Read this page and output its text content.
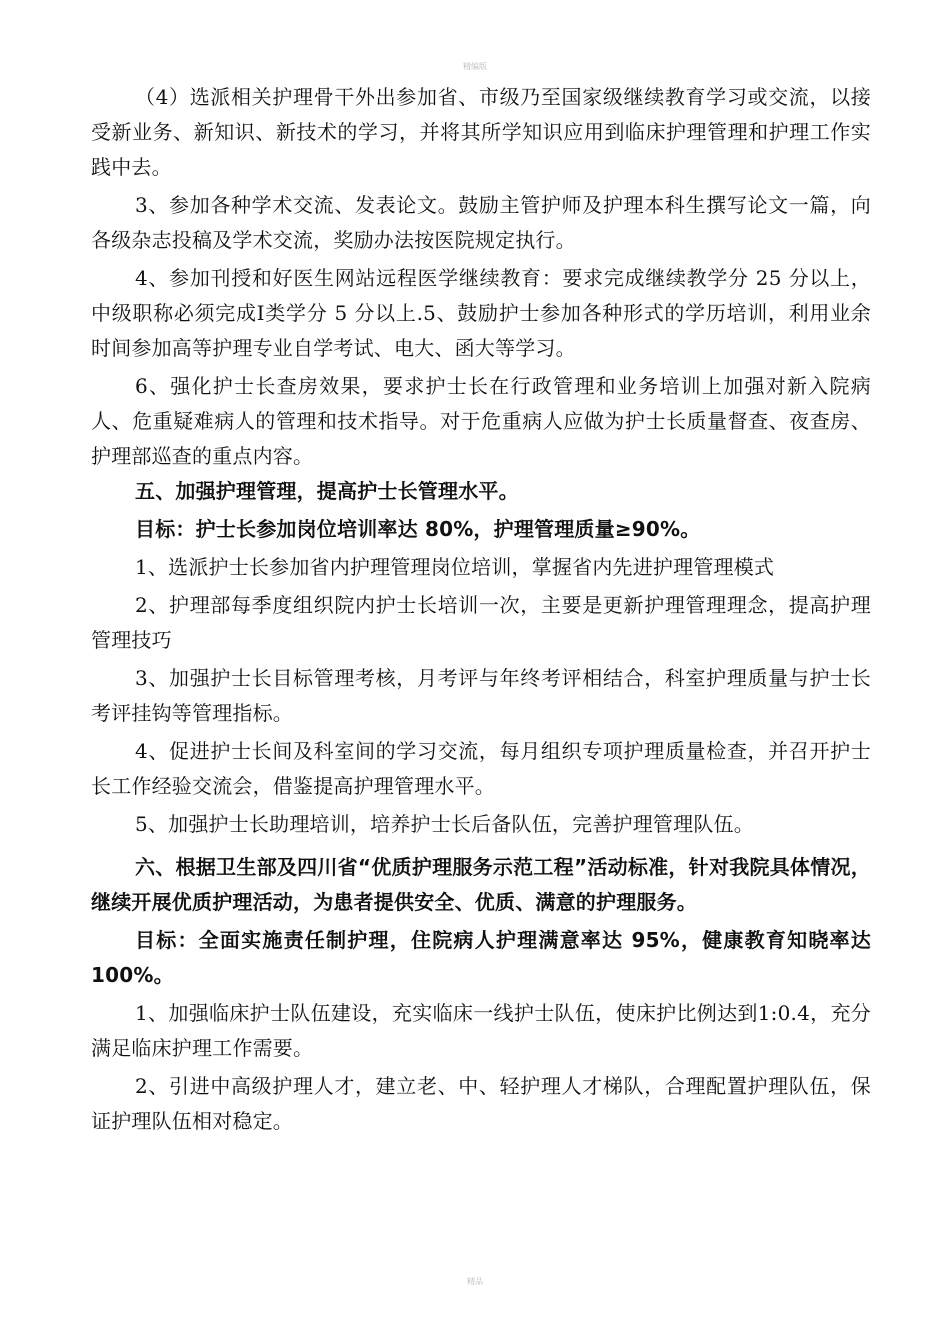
精编版

（4）选派相关护理骨干外出参加省、市级乃至国家级继续教育学习或交流，以接受新业务、新知识、新技术的学习，并将其所学知识应用到临床护理管理和护理工作实践中去。

3、参加各种学术交流、发表论文。鼓励主管护师及护理本科生撰写论文一篇，向各级杂志投稿及学术交流，奖励办法按医院规定执行。

4、参加刊授和好医生网站远程医学继续教育：要求完成继续教学分 25 分以上，中级职称必须完成Ⅰ类学分 5 分以上.5、鼓励护士参加各种形式的学历培训，利用业余时间参加高等护理专业自学考试、电大、函大等学习。

6、强化护士长查房效果，要求护士长在行政管理和业务培训上加强对新入院病人、危重疑难病人的管理和技术指导。对于危重病人应做为护士长质量督查、夜查房、护理部巡查的重点内容。

五、加强护理管理，提高护士长管理水平。

目标：护士长参加岗位培训率达 80%，护理管理质量≥90%。

1、选派护士长参加省内护理管理岗位培训，掌握省内先进护理管理模式

2、护理部每季度组织院内护士长培训一次，主要是更新护理管理理念，提高护理管理技巧

3、加强护士长目标管理考核，月考评与年终考评相结合，科室护理质量与护士长考评挂钩等管理指标。

4、促进护士长间及科室间的学习交流，每月组织专项护理质量检查，并召开护士长工作经验交流会，借鉴提高护理管理水平。

5、加强护士长助理培训，培养护士长后备队伍，完善护理管理队伍。

六、根据卫生部及四川省“优质护理服务示范工程”活动标准，针对我院具体情况，继续开展优质护理活动，为患者提供安全、优质、满意的护理服务。

目标：全面实施责任制护理，住院病人护理满意率达 95%，健康教育知晓率达 100%。

1、加强临床护士队伍建设，充实临床一线护士队伍，使床护比例达到1:0.4，充分满足临床护理工作需要。

2、引进中高级护理人才，建立老、中、轻护理人才梯队，合理配置护理队伍，保证护理队伍相对稳定。

精品
